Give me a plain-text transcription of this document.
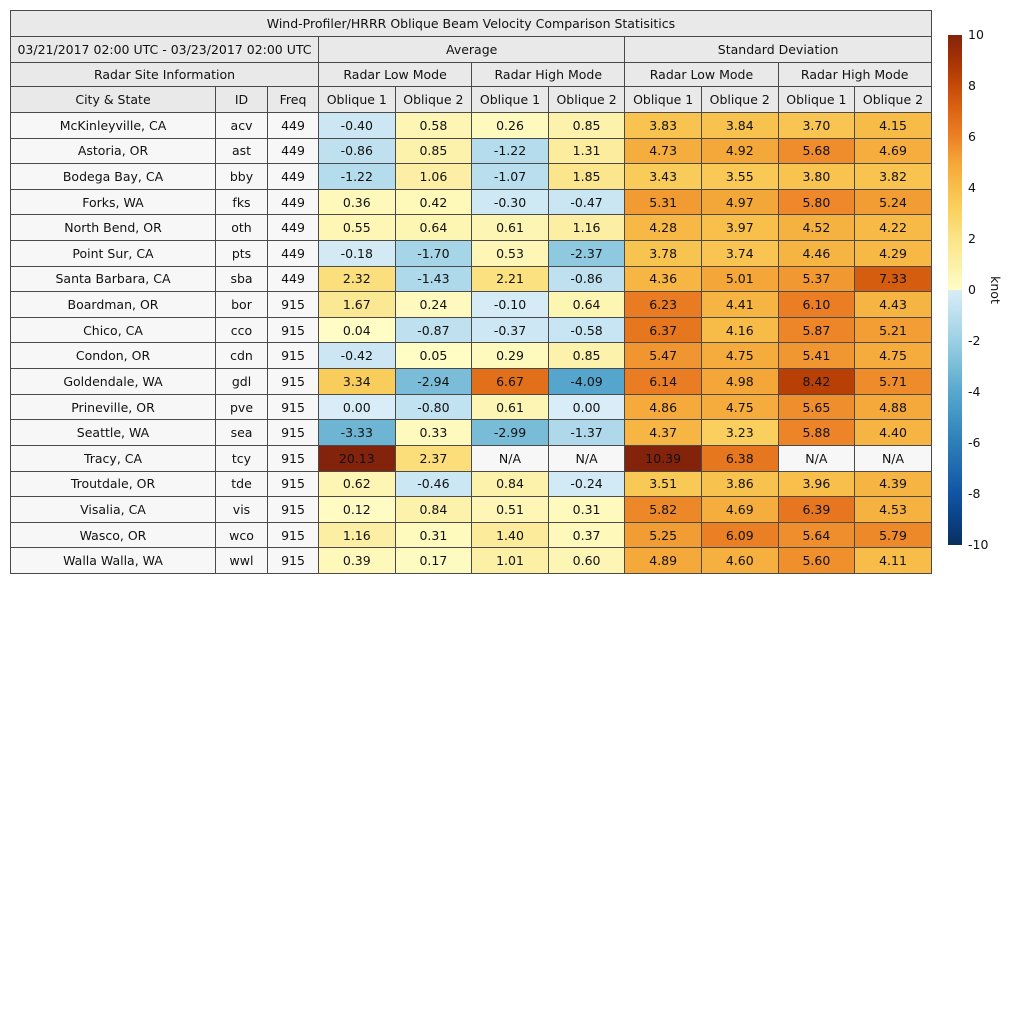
Wind-Profiler/HRRR Oblique Beam Velocity Comparison Statisitics										
03/21/2017 02:00 UTC - 03/23/2017 02:00 UTC			Average				Standard Deviation			
Radar Site Information			Radar Low Mode		Radar High Mode		Radar Low Mode		Radar High Mode	
City & State	ID	Freq	Oblique 1	Oblique 2	Oblique 1	Oblique 2	Oblique 1	Oblique 2	Oblique 1	Oblique 2
McKinleyville, CA	acv	449	-0.40	0.58	0.26	0.85	3.83	3.84	3.70	4.15
Astoria, OR	ast	449	-0.86	0.85	-1.22	1.31	4.73	4.92	5.68	4.69
Bodega Bay, CA	bby	449	-1.22	1.06	-1.07	1.85	3.43	3.55	3.80	3.82
Forks, WA	fks	449	0.36	0.42	-0.30	-0.47	5.31	4.97	5.80	5.24
North Bend, OR	oth	449	0.55	0.64	0.61	1.16	4.28	3.97	4.52	4.22
Point Sur, CA	pts	449	-0.18	-1.70	0.53	-2.37	3.78	3.74	4.46	4.29
Santa Barbara, CA	sba	449	2.32	-1.43	2.21	-0.86	4.36	5.01	5.37	7.33
Boardman, OR	bor	915	1.67	0.24	-0.10	0.64	6.23	4.41	6.10	4.43
Chico, CA	cco	915	0.04	-0.87	-0.37	-0.58	6.37	4.16	5.87	5.21
Condon, OR	cdn	915	-0.42	0.05	0.29	0.85	5.47	4.75	5.41	4.75
Goldendale, WA	gdl	915	3.34	-2.94	6.67	-4.09	6.14	4.98	8.42	5.71
Prineville, OR	pve	915	0.00	-0.80	0.61	0.00	4.86	4.75	5.65	4.88
Seattle, WA	sea	915	-3.33	0.33	-2.99	-1.37	4.37	3.23	5.88	4.40
Tracy, CA	tcy	915	20.13	2.37	N/A	N/A	10.39	6.38	N/A	N/A
Troutdale, OR	tde	915	0.62	-0.46	0.84	-0.24	3.51	3.86	3.96	4.39
Visalia, CA	vis	915	0.12	0.84	0.51	0.31	5.82	4.69	6.39	4.53
Wasco, OR	wco	915	1.16	0.31	1.40	0.37	5.25	6.09	5.64	5.79
Walla Walla, WA	wwl	915	0.39	0.17	1.01	0.60	4.89	4.60	5.60	4.11
10
8
6
4
2
0
-2
-4
-6
-8
-10
knot
